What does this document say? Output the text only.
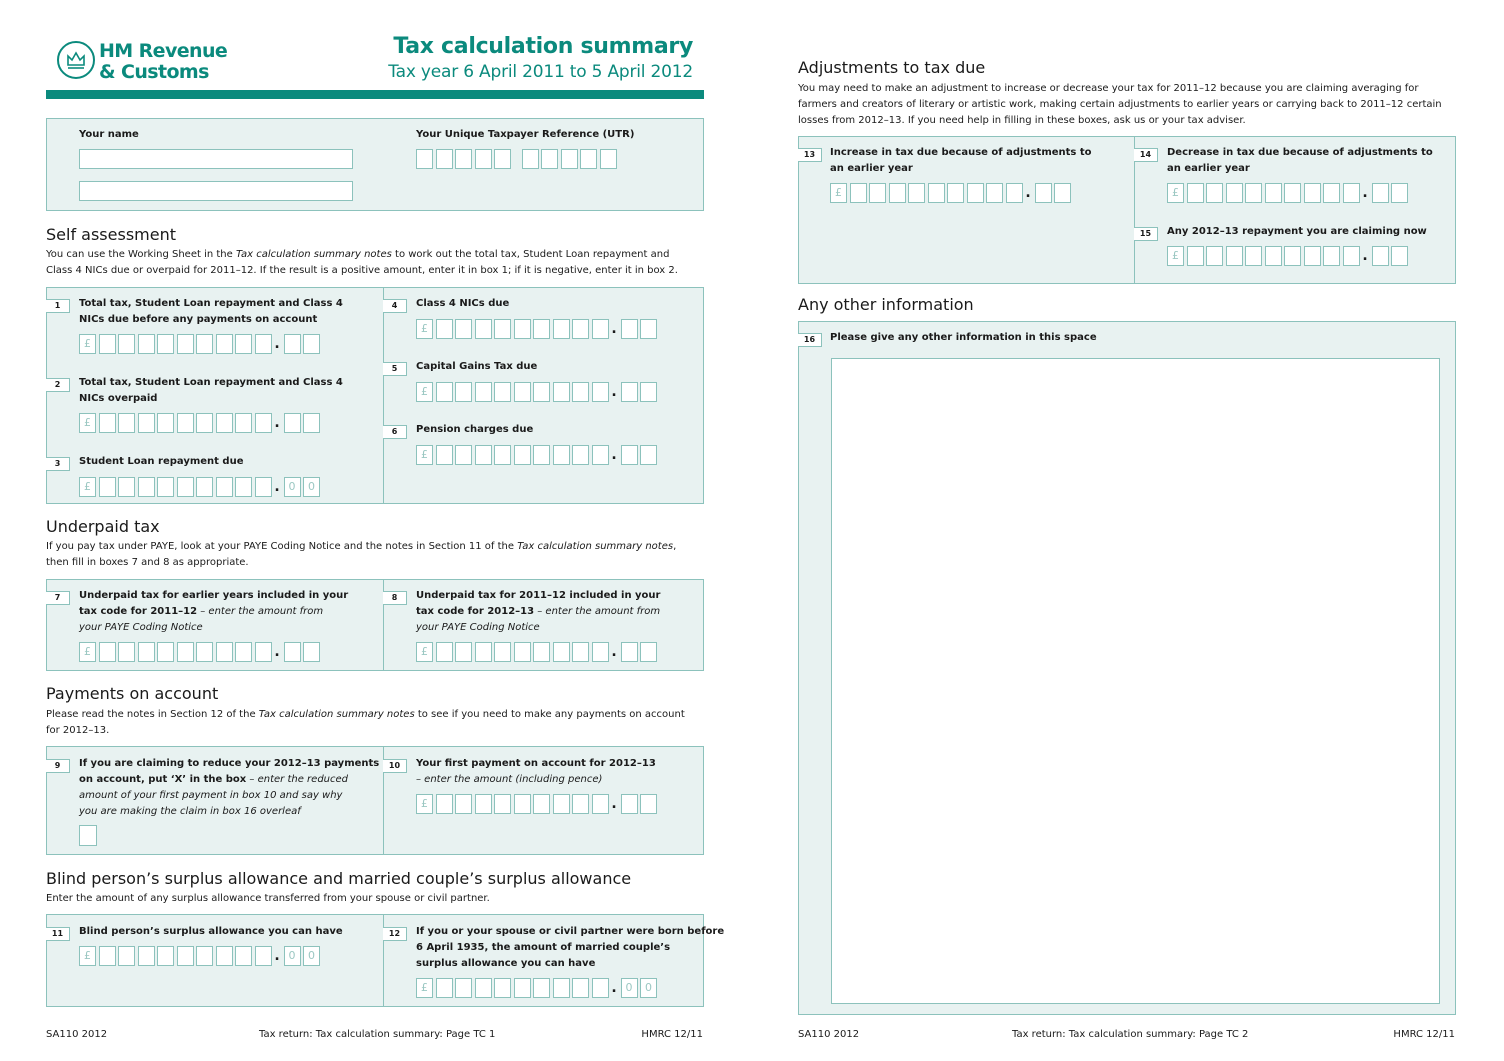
HM Revenue
& Customs
Tax calculation summary
Tax year 6 April 2011 to 5 April 2012
Your name	Your Unique Taxpayer Reference (UTR)
Self assessment
You can use the Working Sheet in the Tax calculation summary notes to work out the total tax, Student Loan repayment and
Class 4 NICs due or overpaid for 2011–12. If the result is a positive amount, enter it in box 1; if it is negative, enter it in box 2.
1	Total tax, Student Loan repayment and Class 4
NICs due before any payments on account
£	.
2	Total tax, Student Loan repayment and Class 4
NICs overpaid
£	.
3	Student Loan repayment due
£	. 0	0
4	Class 4 NICs due
£	.
5	Capital Gains Tax due
£	.
6	Pension charges due
£	.
Underpaid tax
If you pay tax under PAYE, look at your PAYE Coding Notice and the notes in Section 11 of the Tax calculation summary notes,
then fill in boxes 7 and 8 as appropriate.
7	Underpaid tax for earlier years included in your
tax code for 2011–12 – enter the amount from
your PAYE Coding Notice
£	.
8	Underpaid tax for 2011–12 included in your
tax code for 2012–13 – enter the amount from
your PAYE Coding Notice
£	.
Payments on account
Please read the notes in Section 12 of the Tax calculation summary notes to see if you need to make any payments on account
for 2012–13.
9	If you are claiming to reduce your 2012–13 payments
on account, put ‘X’ in the box – enter the reduced
amount of your first payment in box 10 and say why
you are making the claim in box 16 overleaf
10	Your first payment on account for 2012–13
– enter the amount (including pence)
£	.
Blind person’s surplus allowance and married couple’s surplus allowance
Enter the amount of any surplus allowance transferred from your spouse or civil partner.
11	Blind person’s surplus allowance you can have
£	. 0	0
12	If you or your spouse or civil partner were born before
6 April 1935, the amount of married couple’s
surplus allowance you can have
£	. 0	0
SA110 2012	Tax return: Tax calculation summary: Page TC 1	HMRC 12/11
Adjustments to tax due
You may need to make an adjustment to increase or decrease your tax for 2011–12 because you are claiming averaging for
farmers and creators of literary or artistic work, making certain adjustments to earlier years or carrying back to 2011–12 certain
losses from 2012–13. If you need help in filling in these boxes, ask us or your tax adviser.
13	Increase in tax due because of adjustments to
an earlier year
£	.
14	Decrease in tax due because of adjustments to
an earlier year
£	.
15	Any 2012–13 repayment you are claiming now
£	.
Any other information
16	Please give any other information in this space
SA110 2012	Tax return: Tax calculation summary: Page TC 2	HMRC 12/11
